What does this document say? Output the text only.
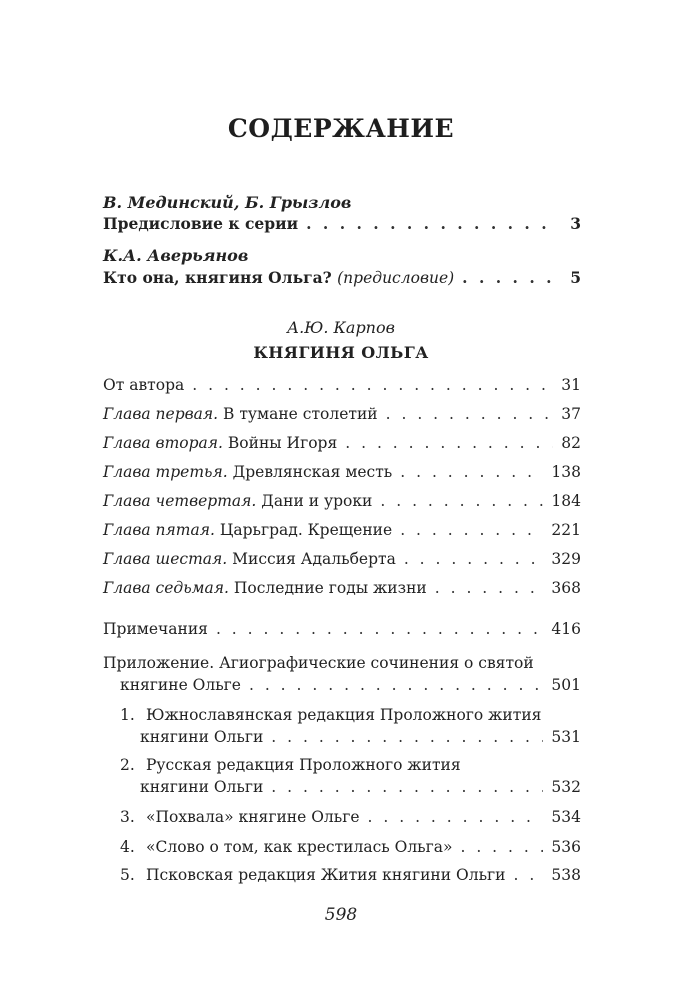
СОДЕРЖАНИЕ
В. Мединский, Б. Грызлов
Предисловие к серии . . .	3
К.А. Аверьянов
Кто она, княгиня Ольга? (предисловие) . . .	5
А.Ю. Карпов
КНЯГИНЯ ОЛЬГА
От автора . . .	31
Глава первая. В тумане столетий . . .	37
Глава вторая. Войны Игоря . . .	82
Глава третья. Древлянская месть . . .	138
Глава четвертая. Дани и уроки . . .	184
Глава пятая. Царьград. Крещение . . .	221
Глава шестая. Миссия Адальберта . . .	329
Глава седьмая. Последние годы жизни . . .	368
Примечания . . .	416
Приложение. Агиографические сочинения о святой
княгине Ольге . . .	501
1. Южнославянская редакция Проложного жития
княгини Ольги . . .	531
2. Русская редакция Проложного жития
княгини Ольги . . .	532
3. «Похвала» княгине Ольге . . .	534
4. «Слово о том, как крестилась Ольга» . . .	536
5. Псковская редакция Жития княгини Ольги . . .	538
598
